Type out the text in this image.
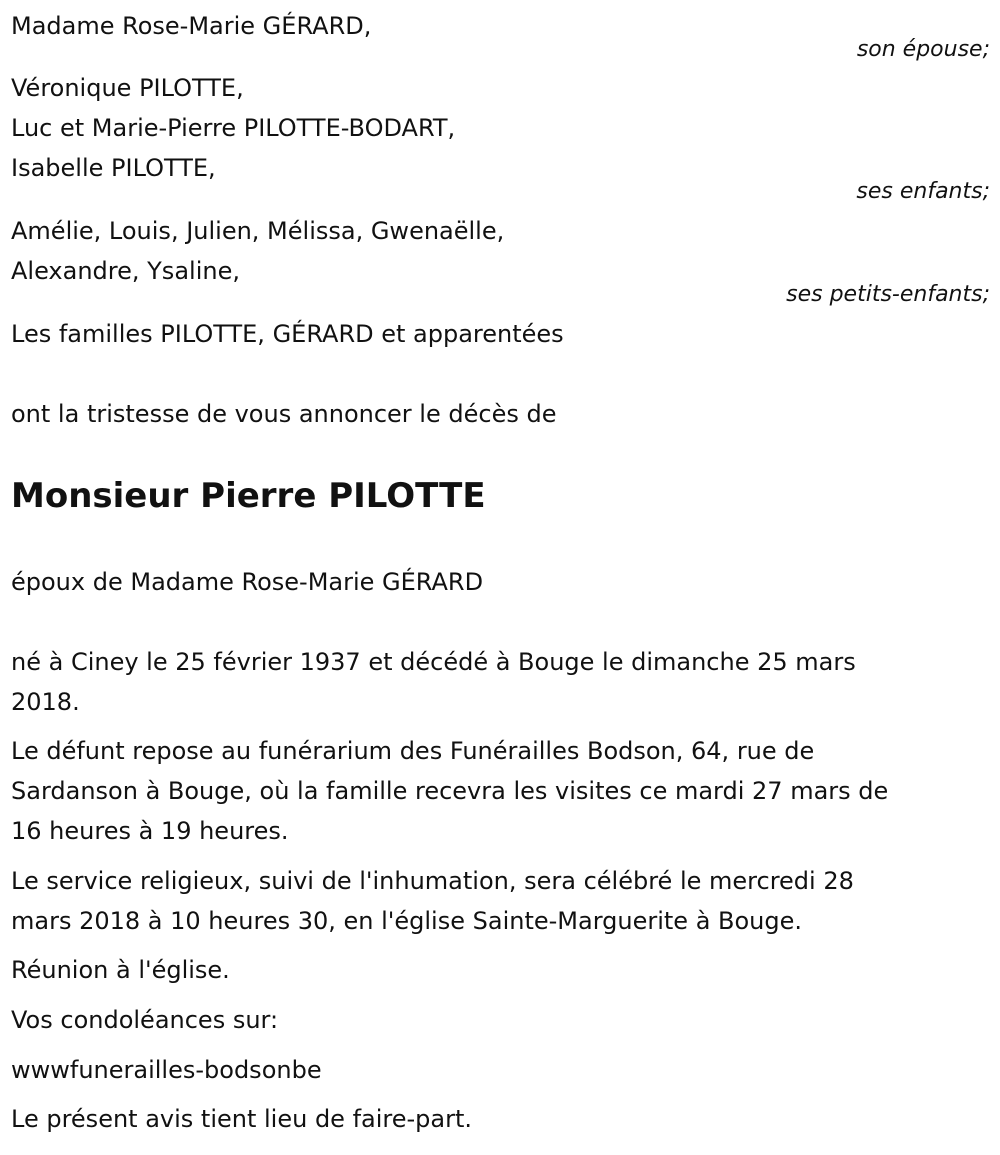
Madame Rose-Marie GÉRARD,
son épouse;
Véronique PILOTTE,
Luc et Marie-Pierre PILOTTE-BODART,
Isabelle PILOTTE,
ses enfants;
Amélie, Louis, Julien, Mélissa, Gwenaëlle,
Alexandre, Ysaline,
ses petits-enfants;
Les familles PILOTTE, GÉRARD et apparentées
ont la tristesse de vous annoncer le décès de
Monsieur Pierre PILOTTE
époux de Madame Rose-Marie GÉRARD
né à Ciney le 25 février 1937 et décédé à Bouge le dimanche 25 mars
2018.
Le défunt repose au funérarium des Funérailles Bodson, 64, rue de
Sardanson à Bouge, où la famille recevra les visites ce mardi 27 mars de
16 heures à 19 heures.
Le service religieux, suivi de l'inhumation, sera célébré le mercredi 28
mars 2018 à 10 heures 30, en l'église Sainte-Marguerite à Bouge.
Réunion à l'église.
Vos condoléances sur:
wwwfunerailles-bodsonbe
Le présent avis tient lieu de faire-part.
